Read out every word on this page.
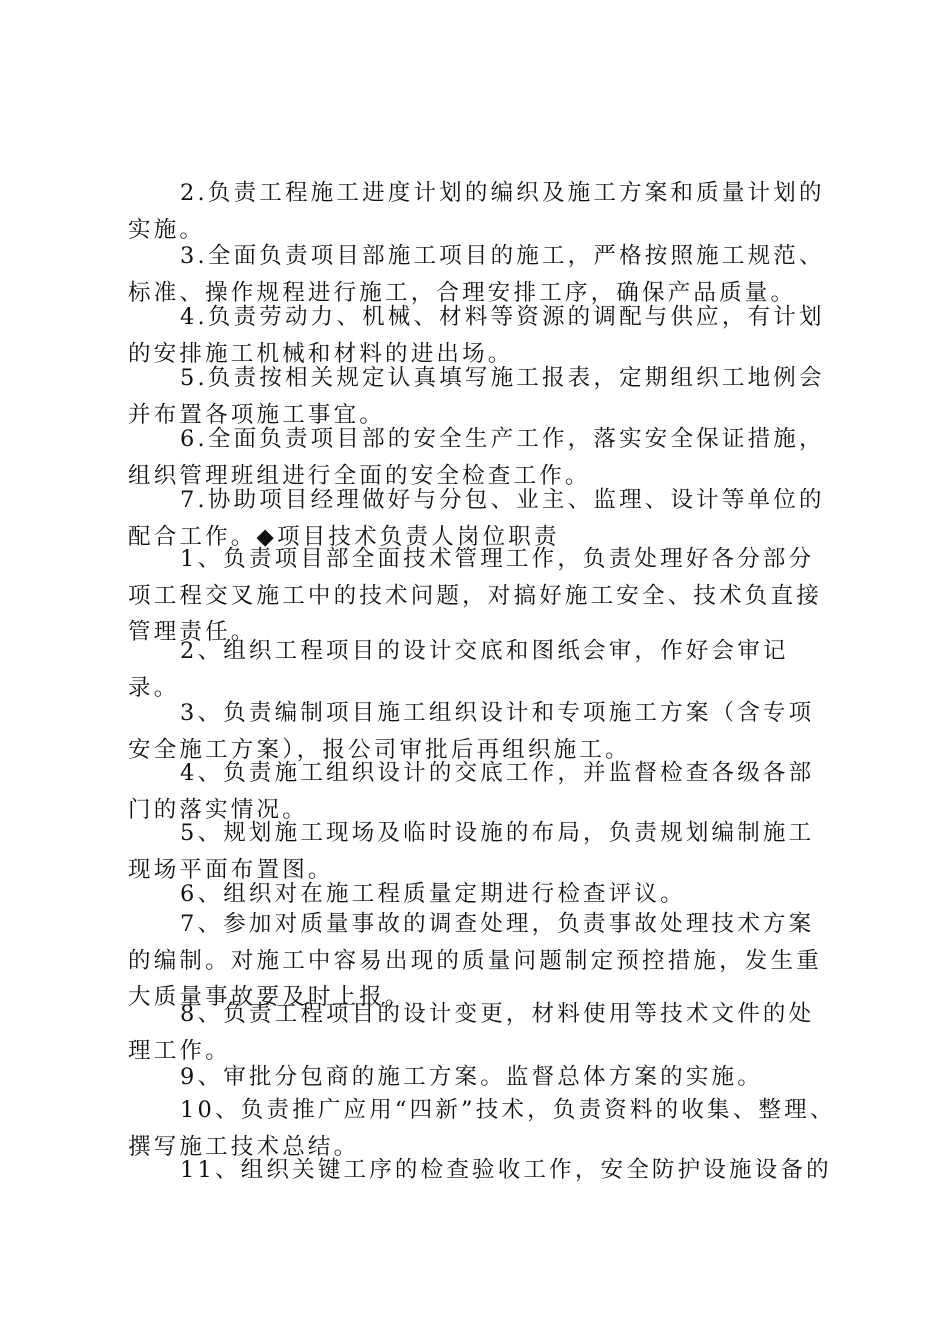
2.负责工程施工进度计划的编织及施工方案和质量计划的实施。

3.全面负责项目部施工项目的施工，严格按照施工规范、标准、操作规程进行施工，合理安排工序，确保产品质量。

4.负责劳动力、机械、材料等资源的调配与供应，有计划的安排施工机械和材料的进出场。

5.负责按相关规定认真填写施工报表，定期组织工地例会并布置各项施工事宜。

6.全面负责项目部的安全生产工作，落实安全保证措施，组织管理班组进行全面的安全检查工作。

7.协助项目经理做好与分包、业主、监理、设计等单位的配合工作。◆项目技术负责人岗位职责

1、负责项目部全面技术管理工作，负责处理好各分部分项工程交叉施工中的技术问题，对搞好施工安全、技术负直接管理责任。

2、组织工程项目的设计交底和图纸会审，作好会审记录。

3、负责编制项目施工组织设计和专项施工方案（含专项安全施工方案），报公司审批后再组织施工。

4、负责施工组织设计的交底工作，并监督检查各级各部门的落实情况。

5、规划施工现场及临时设施的布局，负责规划编制施工现场平面布置图。

6、组织对在施工程质量定期进行检查评议。

7、参加对质量事故的调查处理，负责事故处理技术方案的编制。对施工中容易出现的质量问题制定预控措施，发生重大质量事故要及时上报。

8、负责工程项目的设计变更，材料使用等技术文件的处理工作。

9、审批分包商的施工方案。监督总体方案的实施。

10、负责推广应用“四新”技术，负责资料的收集、整理、撰写施工技术总结。

11、组织关键工序的检查验收工作，安全防护设施设备的
